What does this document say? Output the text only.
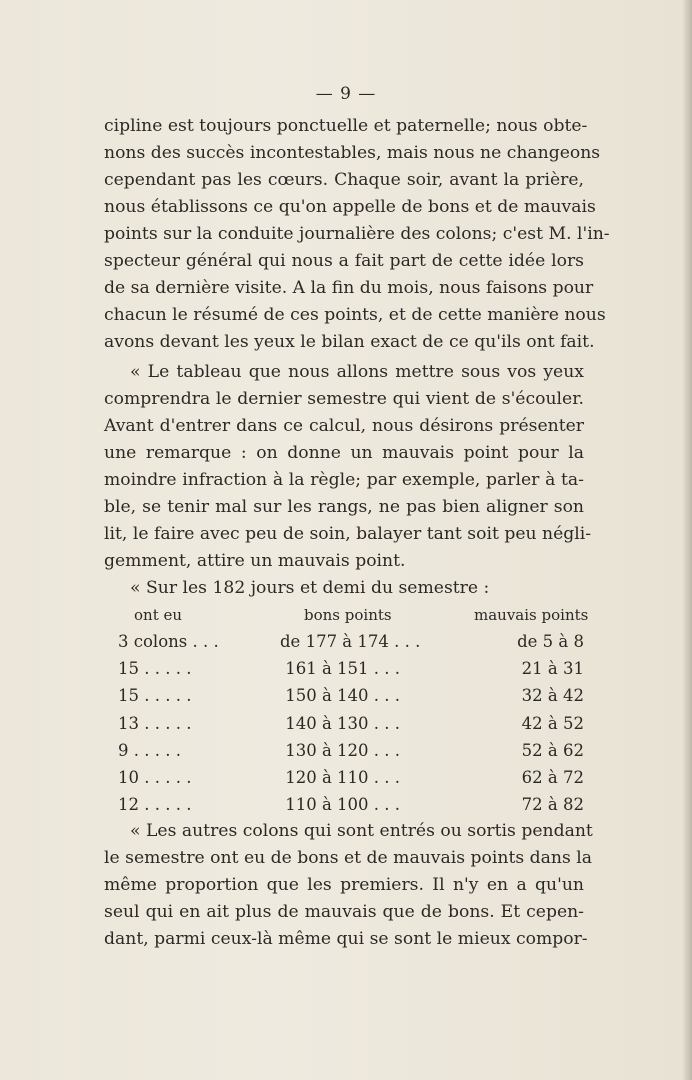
— 9 —
cipline est toujours ponctuelle et paternelle; nous obte-
nons des succès incontestables, mais nous ne changeons
cependant pas les cœurs. Chaque soir, avant la prière,
nous établissons ce qu'on appelle de bons et de mauvais
points sur la conduite journalière des colons; c'est M. l'in-
specteur général qui nous a fait part de cette idée lors
de sa dernière visite. A la fin du mois, nous faisons pour
chacun le résumé de ces points, et de cette manière nous
avons devant les yeux le bilan exact de ce qu'ils ont fait.
« Le tableau que nous allons mettre sous vos yeux
comprendra le dernier semestre qui vient de s'écouler.
Avant d'entrer dans ce calcul, nous désirons présenter
une remarque : on donne un mauvais point pour la
moindre infraction à la règle; par exemple, parler à ta-
ble, se tenir mal sur les rangs, ne pas bien aligner son
lit, le faire avec peu de soin, balayer tant soit peu négli-
gemment, attire un mauvais point.
« Sur les 182 jours et demi du semestre :
ont eu	bons points	mauvais points
3 colons . . .	de 177 à 174 . . .	de 5 à 8
15 . . . . .	161 à 151 . . .	21 à 31
15 . . . . .	150 à 140 . . .	32 à 42
13 . . . . .	140 à 130 . . .	42 à 52
9 . . . . .	130 à 120 . . .	52 à 62
10 . . . . .	120 à 110 . . .	62 à 72
12 . . . . .	110 à 100 . . .	72 à 82
« Les autres colons qui sont entrés ou sortis pendant
le semestre ont eu de bons et de mauvais points dans la
même proportion que les premiers. Il n'y en a qu'un
seul qui en ait plus de mauvais que de bons. Et cepen-
dant, parmi ceux-là même qui se sont le mieux compor-
